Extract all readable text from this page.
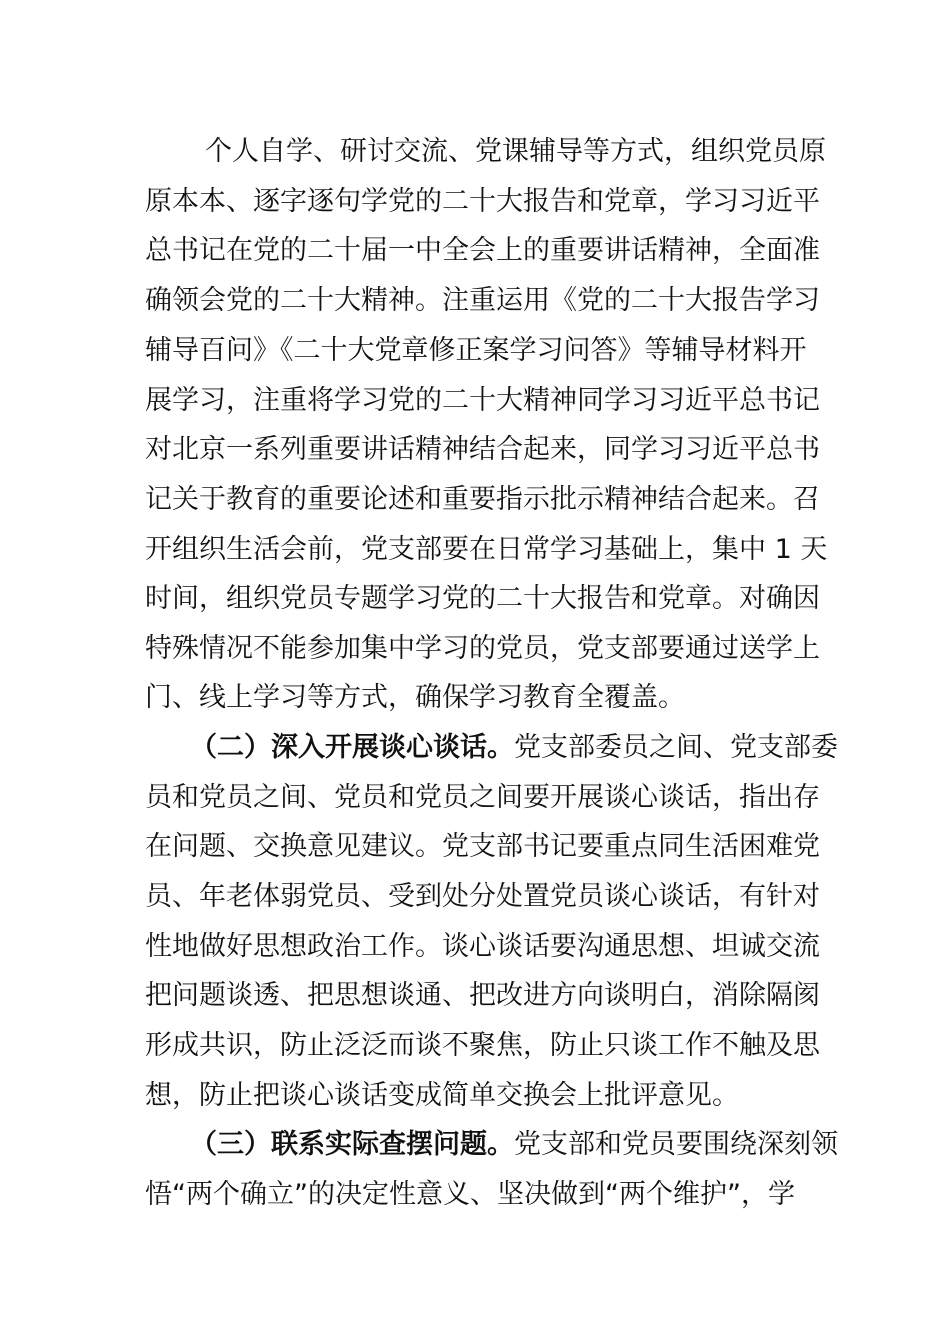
个人自学、研讨交流、党课辅导等方式，组织党员原
原本本、逐字逐句学党的二十大报告和党章，学习习近平
总书记在党的二十届一中全会上的重要讲话精神，全面准
确领会党的二十大精神。注重运用《党的二十大报告学习
辅导百问》《二十大党章修正案学习问答》等辅导材料开
展学习，注重将学习党的二十大精神同学习习近平总书记
对北京一系列重要讲话精神结合起来，同学习习近平总书
记关于教育的重要论述和重要指示批示精神结合起来。召
开组织生活会前，党支部要在日常学习基础上，集中 1 天
时间，组织党员专题学习党的二十大报告和党章。对确因
特殊情况不能参加集中学习的党员，党支部要通过送学上
门、线上学习等方式，确保学习教育全覆盖。
（二）深入开展谈心谈话。党支部委员之间、党支部委
员和党员之间、党员和党员之间要开展谈心谈话，指出存
在问题、交换意见建议。党支部书记要重点同生活困难党
员、年老体弱党员、受到处分处置党员谈心谈话，有针对
性地做好思想政治工作。谈心谈话要沟通思想、坦诚交流
把问题谈透、把思想谈通、把改进方向谈明白，消除隔阂
形成共识，防止泛泛而谈不聚焦，防止只谈工作不触及思
想，防止把谈心谈话变成简单交换会上批评意见。
（三）联系实际查摆问题。党支部和党员要围绕深刻领
悟“两个确立”的决定性意义、坚决做到“两个维护”，学
